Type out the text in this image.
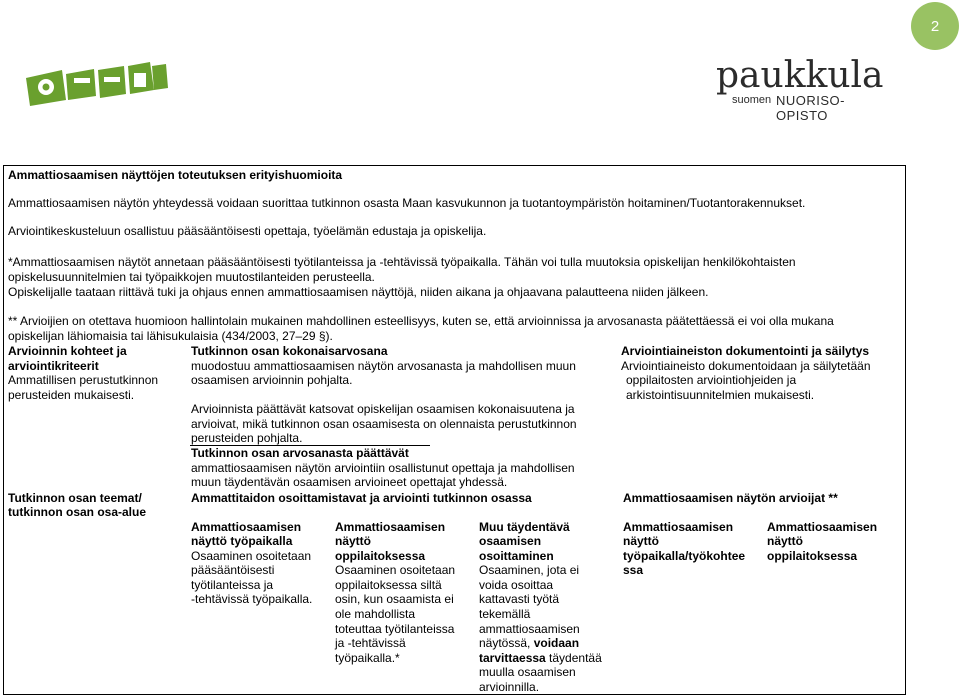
2
paukkula
suomen NUORISO-OPISTO
Ammattiosaamisen näyttöjen toteutuksen erityishuomioita
Ammattiosaamisen näytön yhteydessä voidaan suorittaa tutkinnon osasta Maan kasvukunnon ja tuotantoympäristön hoitaminen/Tuotantorakennukset.
Arviointikeskusteluun osallistuu pääsääntöisesti opettaja, työelämän edustaja ja opiskelija.
*Ammattiosaamisen näytöt annetaan pääsääntöisesti työtilanteissa ja -tehtävissä työpaikalla. Tähän voi tulla muutoksia opiskelijan henkilökohtaisten
opiskelusuunnitelmien tai työpaikkojen muutostilanteiden perusteella.
Opiskelijalle taataan riittävä tuki ja ohjaus ennen ammattiosaamisen näyttöjä, niiden aikana ja ohjaavana palautteena niiden jälkeen.
** Arvioijien on otettava huomioon hallintolain mukainen mahdollinen esteellisyys, kuten se, että arvioinnissa ja arvosanasta päätettäessä ei voi olla mukana
opiskelijan lähiomaisia tai lähisukulaisia (434/2003, 27–29 §).
Arvioinnin kohteet ja
arviointikriteerit
Ammatillisen perustutkinnon
perusteiden mukaisesti.
Tutkinnon osan kokonaisarvosana
muodostuu ammattiosaamisen näytön arvosanasta ja mahdollisen muun
osaamisen arvioinnin pohjalta.
Arvioinnista päättävät katsovat opiskelijan osaamisen kokonaisuutena ja
arvioivat, mikä tutkinnon osan osaamisesta on olennaista perustutkinnon
perusteiden pohjalta.
Tutkinnon osan arvosanasta päättävät
ammattiosaamisen näytön arviointiin osallistunut opettaja ja mahdollisen
muun täydentävän osaamisen arvioineet opettajat yhdessä.
Arviointiaineiston dokumentointi ja säilytys
Arviointiaineisto dokumentoidaan ja säilytetään
oppilaitosten arviointiohjeiden ja
arkistointisuunnitelmien mukaisesti.
Tutkinnon osan teemat/
tutkinnon osan osa-alue
Ammattitaidon osoittamistavat ja arviointi tutkinnon osassa	Ammattiosaamisen näytön arvioijat **
Ammattiosaamisen
näyttö työpaikalla
Osaaminen osoitetaan
pääsääntöisesti
työtilanteissa ja
-tehtävissä työpaikalla.
Ammattiosaamisen
näyttö
oppilaitoksessa
Osaaminen osoitetaan
oppilaitoksessa siltä
osin, kun osaamista ei
ole mahdollista
toteuttaa työtilanteissa
ja -tehtävissä
työpaikalla.*
Muu täydentävä
osaamisen
osoittaminen
Osaaminen, jota ei
voida osoittaa
kattavasti työtä
tekemällä
ammattiosaamisen
näytössä, voidaan
tarvittaessa täydentää
muulla osaamisen
arvioinnilla.
Ammattiosaamisen
näyttö
työpaikalla/työkohtee
ssa
Ammattiosaamisen
näyttö
oppilaitoksessa
